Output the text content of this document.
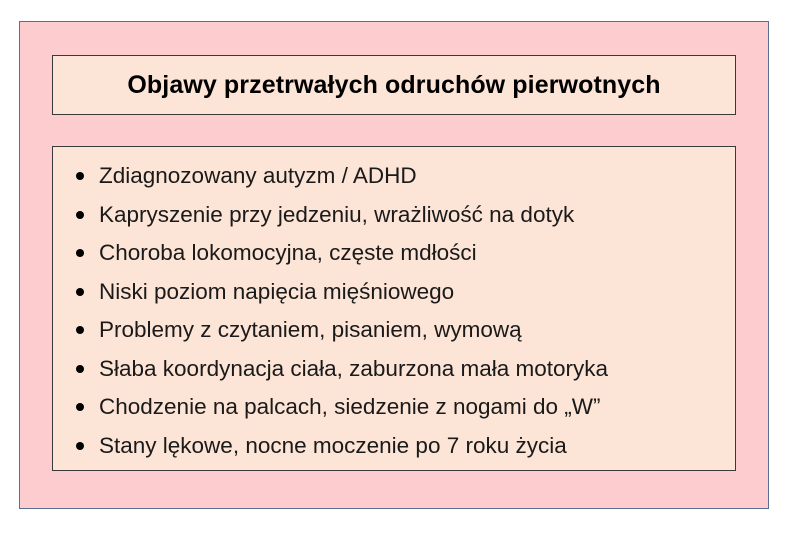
Objawy przetrwałych odruchów pierwotnych
Zdiagnozowany autyzm / ADHD
Kapryszenie przy jedzeniu, wrażliwość na dotyk
Choroba lokomocyjna, częste mdłości
Niski poziom napięcia mięśniowego
Problemy z czytaniem, pisaniem, wymową
Słaba koordynacja ciała, zaburzona mała motoryka
Chodzenie na palcach, siedzenie z nogami do „W”
Stany lękowe, nocne moczenie po 7 roku życia
